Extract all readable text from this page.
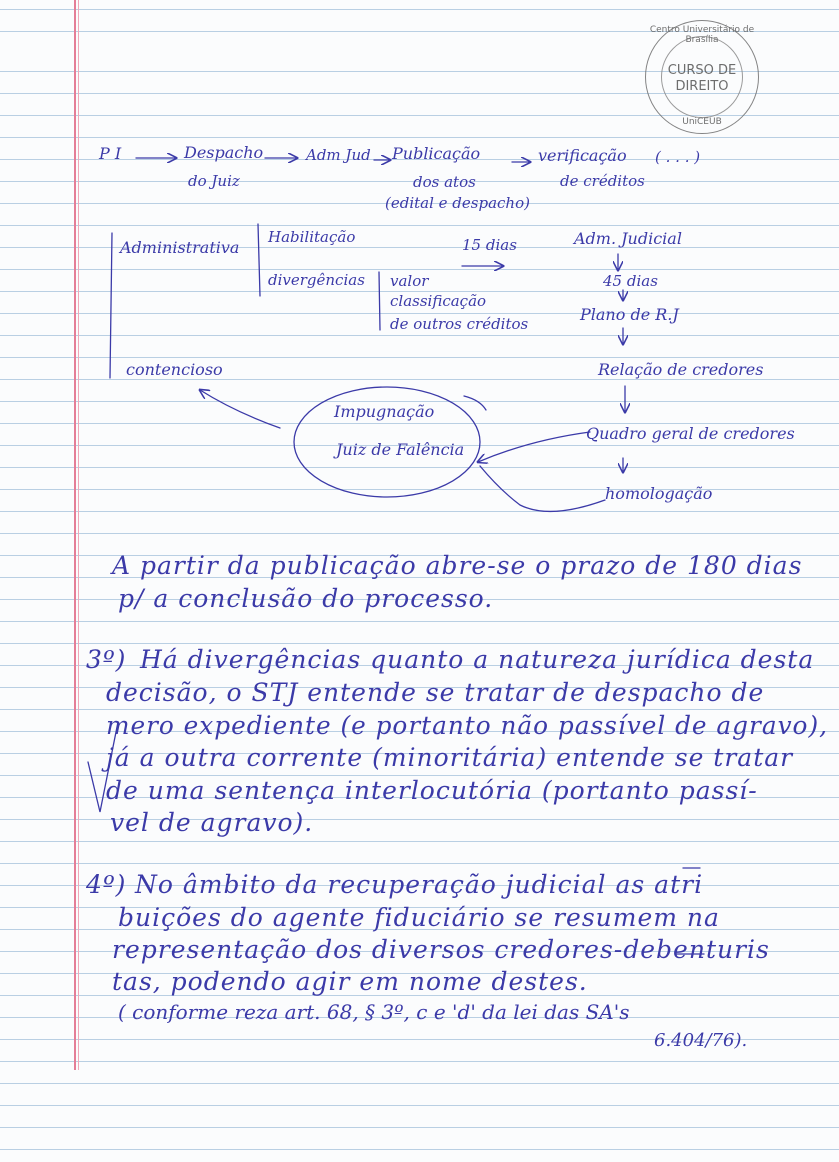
Centro Universitário de Brasília
CURSO DE
DIREITO
UniCEUB
P I	Despacho
do Juiz
Adm Jud Publicação
dos atos
(edital e despacho)
verificação
de créditos
( . . . )
Administrativa
Habilitação
divergências valor
classificação
de outros créditos
15 dias	Adm. Judicial
45 dias
Plano de R.J
contencioso	Relação de credores
Impugnação
Juiz de Falência
Quadro geral de credores
homologação
A partir da publicação abre-se o prazo de 180 dias
p/ a conclusão do processo.
3º) Há divergências quanto a natureza jurídica desta
decisão, o STJ entende se tratar de despacho de
mero expediente (e portanto não passível de agravo),
já a outra corrente (minoritária) entende se tratar
de uma sentença interlocutória (portanto passí-
vel de agravo).
4º) No âmbito da recuperação judicial as atri
buições do agente fiduciário se resumem na
representação dos diversos credores-debenturis
tas, podendo agir em nome destes.
( conforme reza art. 68, § 3º, c e 'd' da lei das SA's
6.404/76).
